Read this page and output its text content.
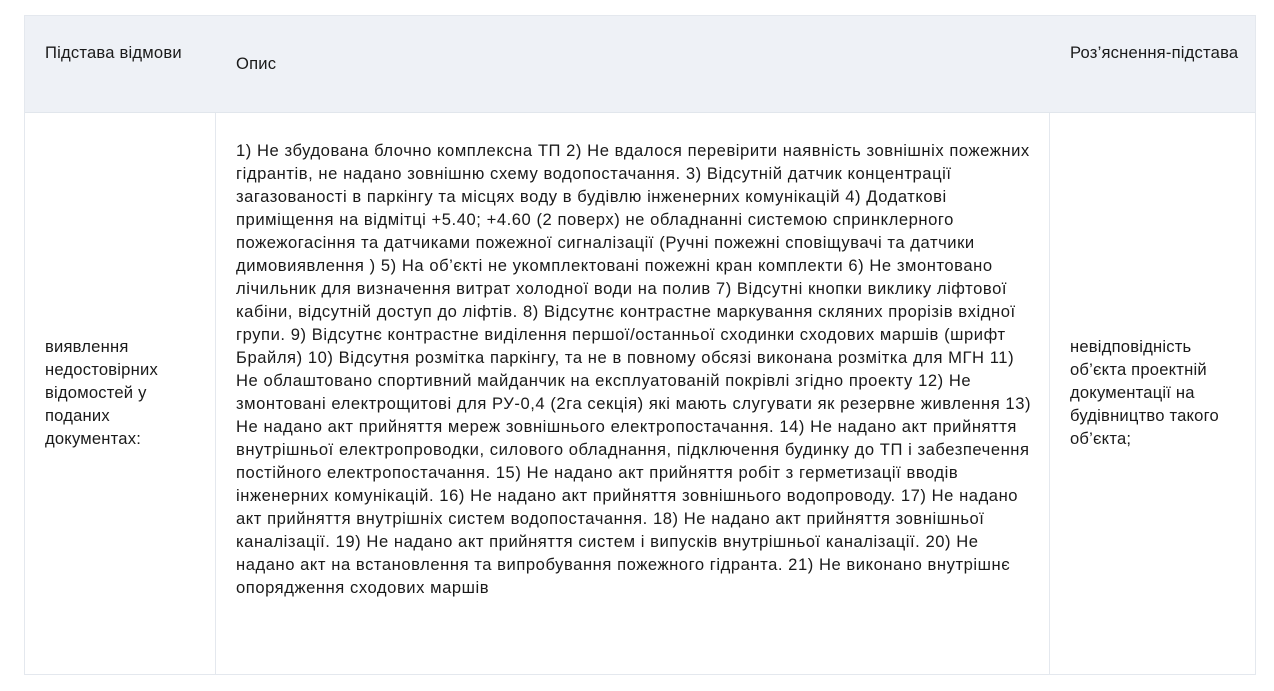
Підстава відмови
Опис
Роз’яснення-підстава
виявлення недостовірних відомостей у поданих документах:
1) Не збудована блочно комплексна ТП 2) Не вдалося перевірити наявність зовнішніх пожежних гідрантів, не надано зовнішню схему водопостачання. 3) Відсутній датчик концентрації загазованості в паркінгу та місцях воду в будівлю інженерних комунікацій 4) Додаткові приміщення на відмітці +5.40; +4.60 (2 поверх) не обладнанні системою спринклерного пожежогасіння та датчиками пожежної сигналізації (Ручні пожежні сповіщувачі та датчики димовиявлення ) 5) На об’єкті не укомплектовані пожежні кран комплекти 6) Не змонтовано лічильник для визначення витрат холодної води на полив 7) Відсутні кнопки виклику ліфтової кабіни, відсутній доступ до ліфтів. 8) Відсутнє контрастне маркування скляних прорізів вхідної групи. 9) Відсутнє контрастне виділення першої/останньої сходинки сходових маршів (шрифт Брайля) 10) Відсутня розмітка паркінгу, та не в повному обсязі виконана розмітка для МГН 11) Не облаштовано спортивний майданчик на експлуатованій покрівлі згідно проекту 12) Не змонтовані електрощитові для РУ-0,4 (2га секція) які мають слугувати як резервне живлення 13) Не надано акт прийняття мереж зовнішнього електропостачання. 14) Не надано акт прийняття внутрішньої електропроводки, силового обладнання, підключення будинку до ТП і забезпечення постійного електропостачання. 15) Не надано акт прийняття робіт з герметизації вводів інженерних комунікацій. 16) Не надано акт прийняття зовнішнього водопроводу. 17) Не надано акт прийняття внутрішніх систем водопостачання. 18) Не надано акт прийняття зовнішньої каналізації. 19) Не надано акт прийняття систем і випусків внутрішньої каналізації. 20) Не надано акт на встановлення та випробування пожежного гідранта. 21) Не виконано внутрішнє опорядження сходових маршів
невідповідність об’єкта проектній документації на будівництво такого об’єкта;
